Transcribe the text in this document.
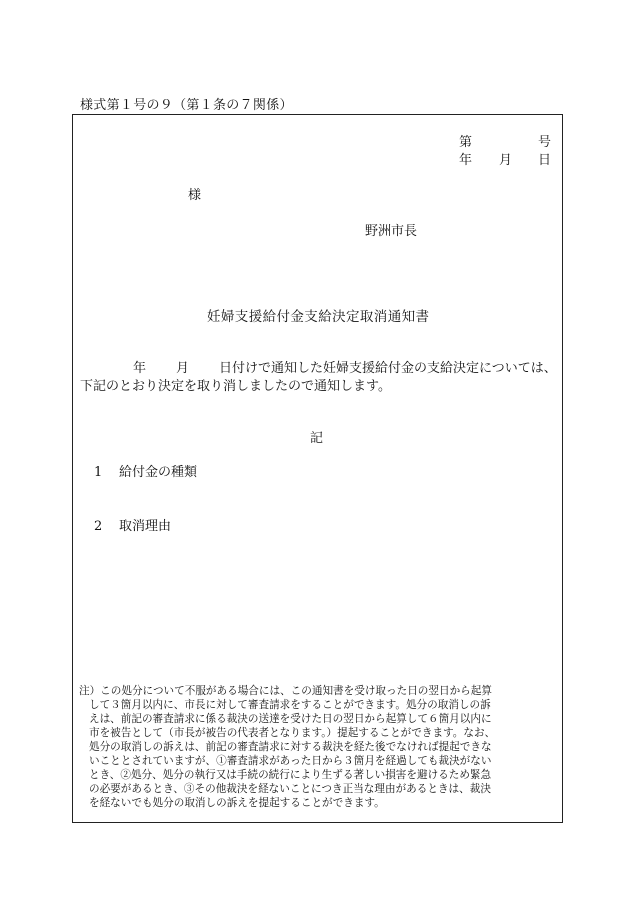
様式第１号の９（第１条の７関係）
第	号
年 月 日
様
野洲市長
妊婦支援給付金支給決定取消通知書
年 月 日付けで通知した妊婦支援給付金の支給決定については、
下記のとおり決定を取り消しましたので通知します。
記
1 給付金の種類
2 取消理由
注）この処分について不服がある場合には、この通知書を受け取った日の翌日から起算
して３箇月以内に、市長に対して審査請求をすることができます。処分の取消しの訴
えは、前記の審査請求に係る裁決の送達を受けた日の翌日から起算して６箇月以内に
市を被告として（市長が被告の代表者となります。）提起することができます。なお、
処分の取消しの訴えは、前記の審査請求に対する裁決を経た後でなければ提起できな
いこととされていますが、①審査請求があった日から３箇月を経過しても裁決がない
とき、②処分、処分の執行又は手続の続行により生ずる著しい損害を避けるため緊急
の必要があるとき、③その他裁決を経ないことにつき正当な理由があるときは、裁決
を経ないでも処分の取消しの訴えを提起することができます。
